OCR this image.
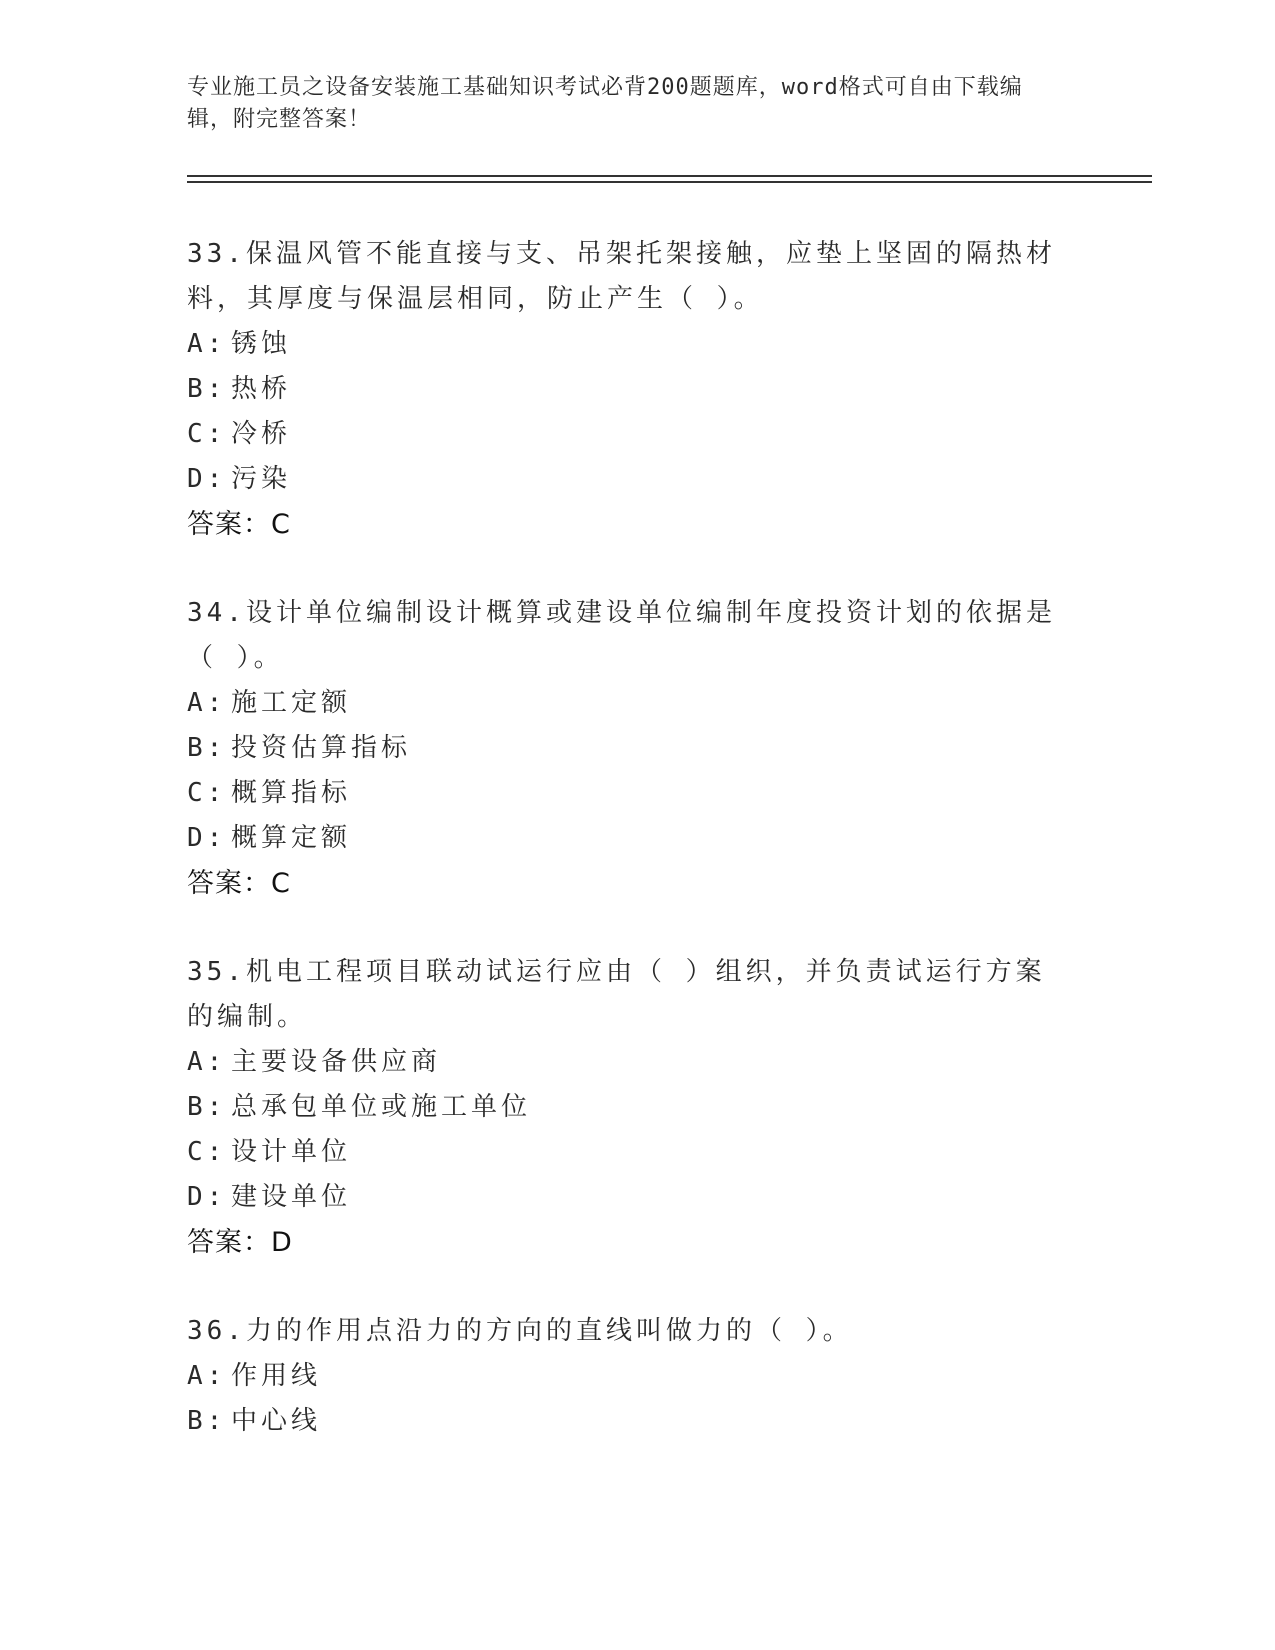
专业施工员之设备安装施工基础知识考试必背200题题库，word格式可自由下载编辑，附完整答案！

33.保温风管不能直接与支、吊架托架接触，应垫上坚固的隔热材料，其厚度与保温层相同，防止产生（ ）。

A: 锈蚀
B: 热桥
C: 冷桥
D: 污染
答案：C

34.设计单位编制设计概算或建设单位编制年度投资计划的依据是（ ）。

A: 施工定额
B: 投资估算指标
C: 概算指标
D: 概算定额
答案：C

35.机电工程项目联动试运行应由（ ）组织，并负责试运行方案的编制。

A: 主要设备供应商
B: 总承包单位或施工单位
C: 设计单位
D: 建设单位
答案：D

36.力的作用点沿力的方向的直线叫做力的（ ）。

A: 作用线
B: 中心线
